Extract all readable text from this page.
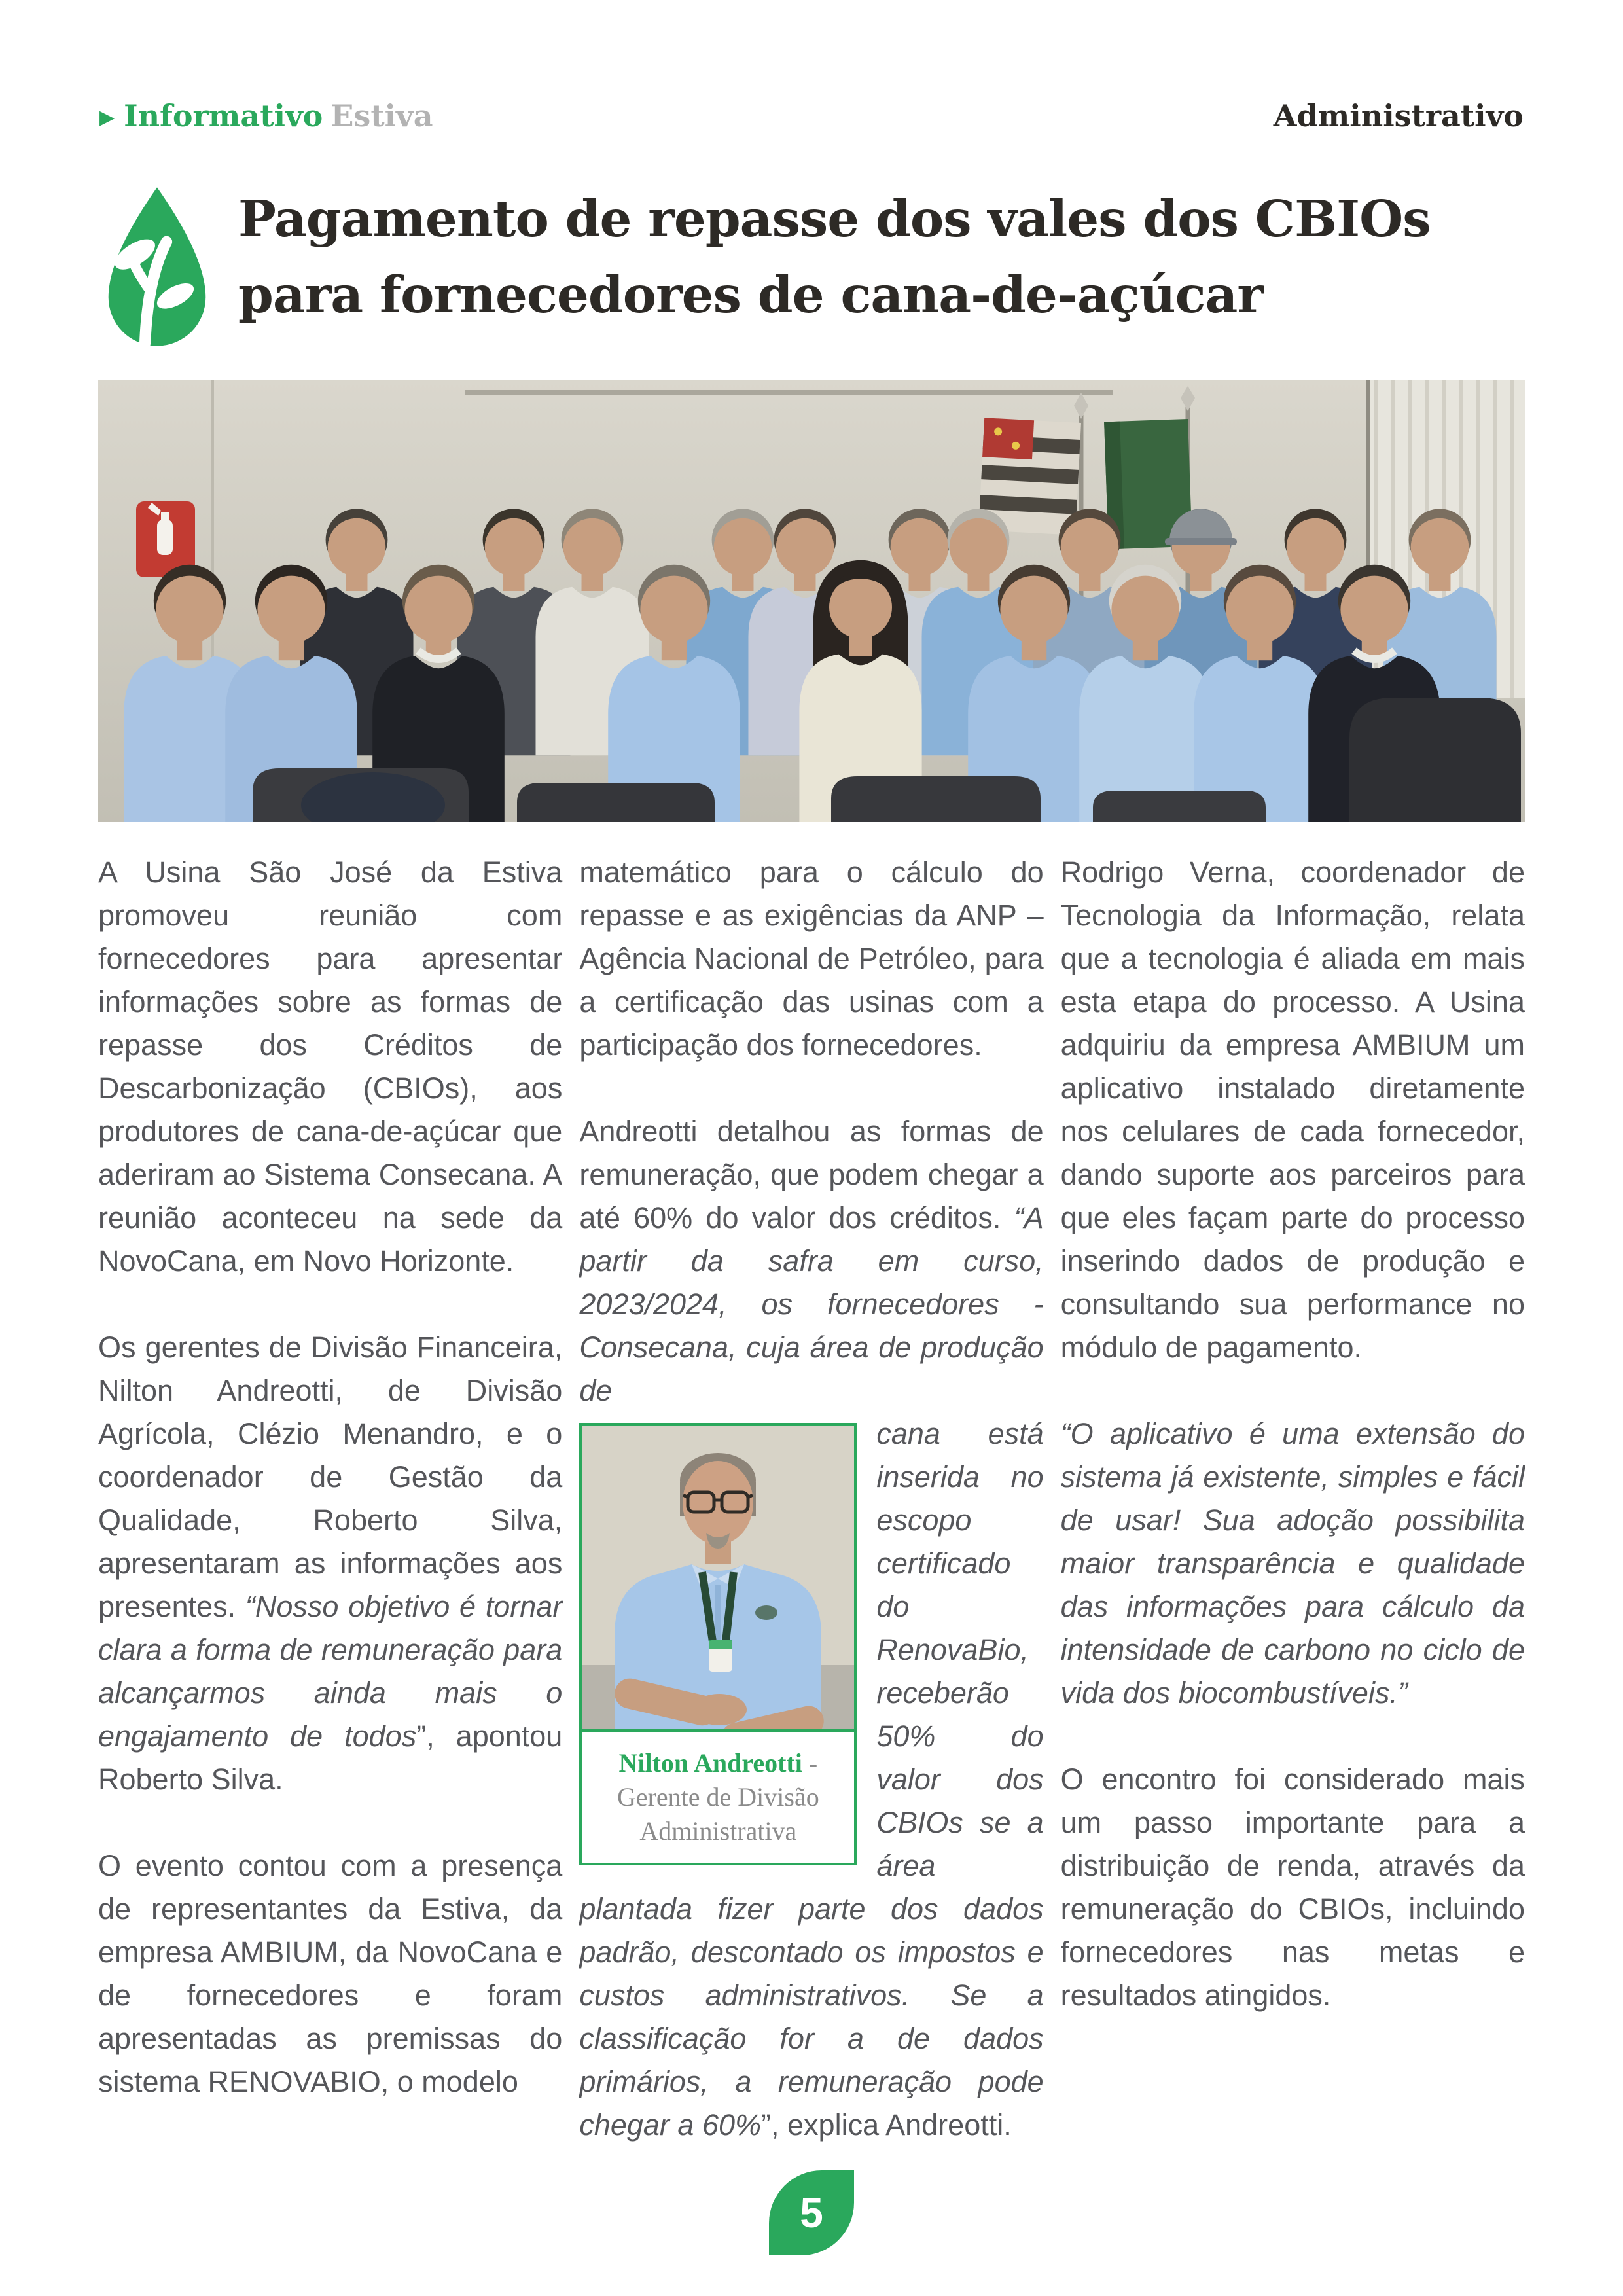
▶ Informativo Estiva	Administrativo
Pagamento de repasse dos vales dos CBIOs para fornecedores de cana-de-açúcar

A Usina São José da Estiva promoveu reunião com fornecedores para apresentar informações sobre as formas de repasse dos Créditos de Descarbonização (CBIOs), aos produtores de cana-de-açúcar que aderiram ao Sistema Consecana. A reunião aconteceu na sede da NovoCana, em Novo Horizonte.

Os gerentes de Divisão Financeira, Nilton Andreotti, de Divisão Agrícola, Clézio Menandro, e o coordenador de Gestão da Qualidade, Roberto Silva, apresentaram as informações aos presentes. “Nosso objetivo é tornar clara a forma de remuneração para alcançarmos ainda mais o engajamento de todos”, apontou Roberto Silva.

O evento contou com a presença de representantes da Estiva, da empresa AMBIUM, da NovoCana e de fornecedores e foram apresentadas as premissas do sistema RENOVABIO, o modelo

matemático para o cálculo do repasse e as exigências da ANP – Agência Nacional de Petróleo, para a certificação das usinas com a participação dos fornecedores.

Andreotti detalhou as formas de remuneração, que podem chegar a até 60% do valor dos créditos. “A partir da safra em curso, 2023/2024, os fornecedores - Consecana, cuja área de produção de

Nilton Andreotti - Gerente de Divisão Administrativa

cana está inserida no escopo certificado do RenovaBio, receberão 50% do valor dos CBIOs se a área plantada fizer parte dos dados padrão, descontado os impostos e custos administrativos. Se a classificação for a de dados primários, a remuneração pode chegar a 60%”, explica Andreotti.

Rodrigo Verna, coordenador de Tecnologia da Informação, relata que a tecnologia é aliada em mais esta etapa do processo. A Usina adquiriu da empresa AMBIUM um aplicativo instalado diretamente nos celulares de cada fornecedor, dando suporte aos parceiros para que eles façam parte do processo inserindo dados de produção e consultando sua performance no módulo de pagamento.

“O aplicativo é uma extensão do sistema já existente, simples e fácil de usar! Sua adoção possibilita maior transparência e qualidade das informações para cálculo da intensidade de carbono no ciclo de vida dos biocombustíveis.”

O encontro foi considerado mais um passo importante para a distribuição de renda, através da remuneração do CBIOs, incluindo fornecedores nas metas e resultados atingidos.

5
